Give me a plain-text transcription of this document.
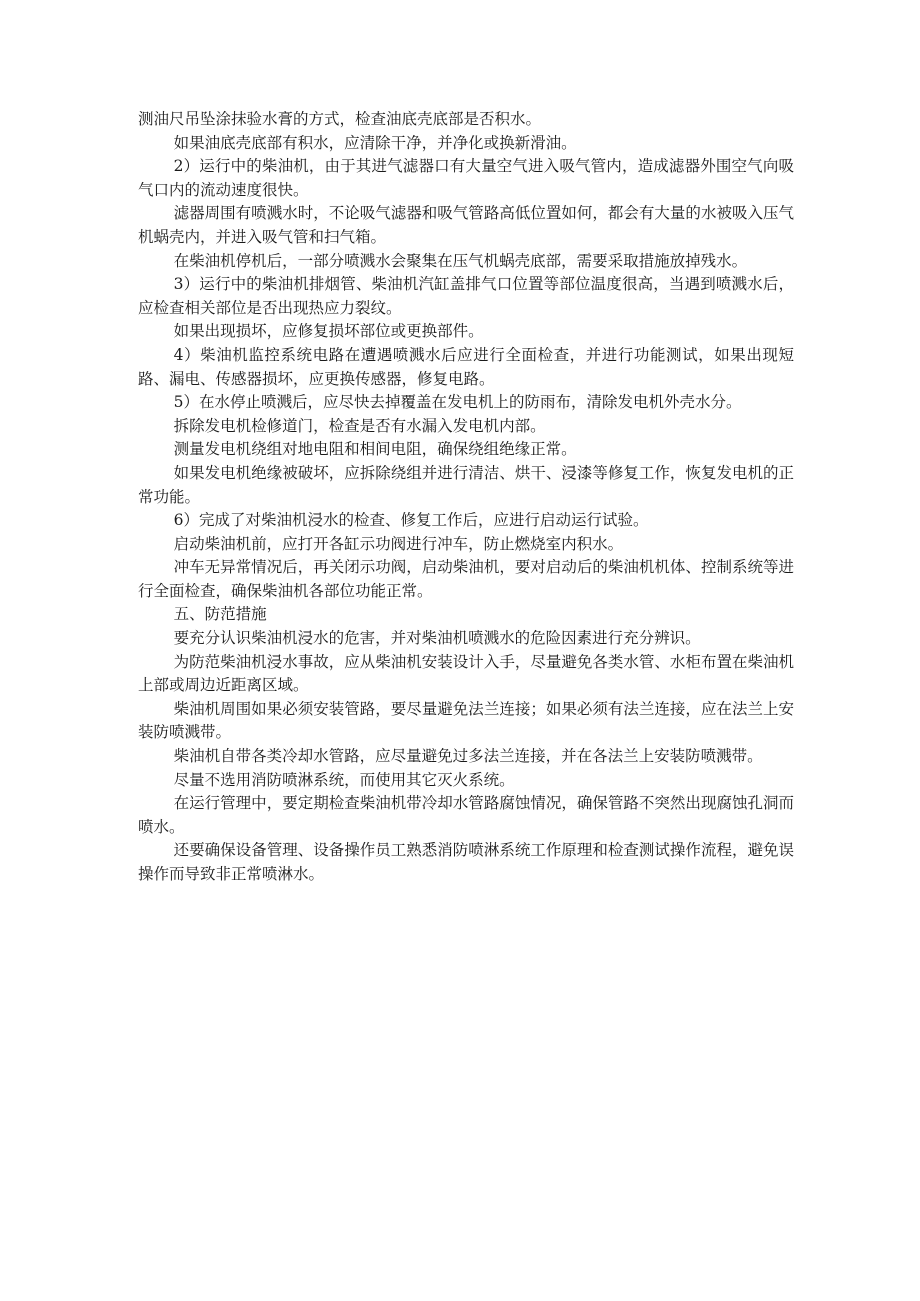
测油尺吊坠涂抹验水膏的方式，检查油底壳底部是否积水。

如果油底壳底部有积水，应清除干净，并净化或换新滑油。

2）运行中的柴油机，由于其进气滤器口有大量空气进入吸气管内，造成滤器外围空气向吸气口内的流动速度很快。

滤器周围有喷溅水时，不论吸气滤器和吸气管路高低位置如何，都会有大量的水被吸入压气机蜗壳内，并进入吸气管和扫气箱。

在柴油机停机后，一部分喷溅水会聚集在压气机蜗壳底部，需要采取措施放掉残水。

3）运行中的柴油机排烟管、柴油机汽缸盖排气口位置等部位温度很高，当遇到喷溅水后，应检查相关部位是否出现热应力裂纹。

如果出现损坏，应修复损坏部位或更换部件。

4）柴油机监控系统电路在遭遇喷溅水后应进行全面检查，并进行功能测试，如果出现短路、漏电、传感器损坏，应更换传感器，修复电路。

5）在水停止喷溅后，应尽快去掉覆盖在发电机上的防雨布，清除发电机外壳水分。

拆除发电机检修道门，检查是否有水漏入发电机内部。

测量发电机绕组对地电阻和相间电阻，确保绕组绝缘正常。

如果发电机绝缘被破坏，应拆除绕组并进行清洁、烘干、浸漆等修复工作，恢复发电机的正常功能。

6）完成了对柴油机浸水的检查、修复工作后，应进行启动运行试验。

启动柴油机前，应打开各缸示功阀进行冲车，防止燃烧室内积水。

冲车无异常情况后，再关闭示功阀，启动柴油机，要对启动后的柴油机机体、控制系统等进行全面检查，确保柴油机各部位功能正常。

五、防范措施

要充分认识柴油机浸水的危害，并对柴油机喷溅水的危险因素进行充分辨识。

为防范柴油机浸水事故，应从柴油机安装设计入手，尽量避免各类水管、水柜布置在柴油机上部或周边近距离区域。

柴油机周围如果必须安装管路，要尽量避免法兰连接；如果必须有法兰连接，应在法兰上安装防喷溅带。

柴油机自带各类冷却水管路，应尽量避免过多法兰连接，并在各法兰上安装防喷溅带。

尽量不选用消防喷淋系统，而使用其它灭火系统。

在运行管理中，要定期检查柴油机带冷却水管路腐蚀情况，确保管路不突然出现腐蚀孔洞而喷水。

还要确保设备管理、设备操作员工熟悉消防喷淋系统工作原理和检查测试操作流程，避免误操作而导致非正常喷淋水。
